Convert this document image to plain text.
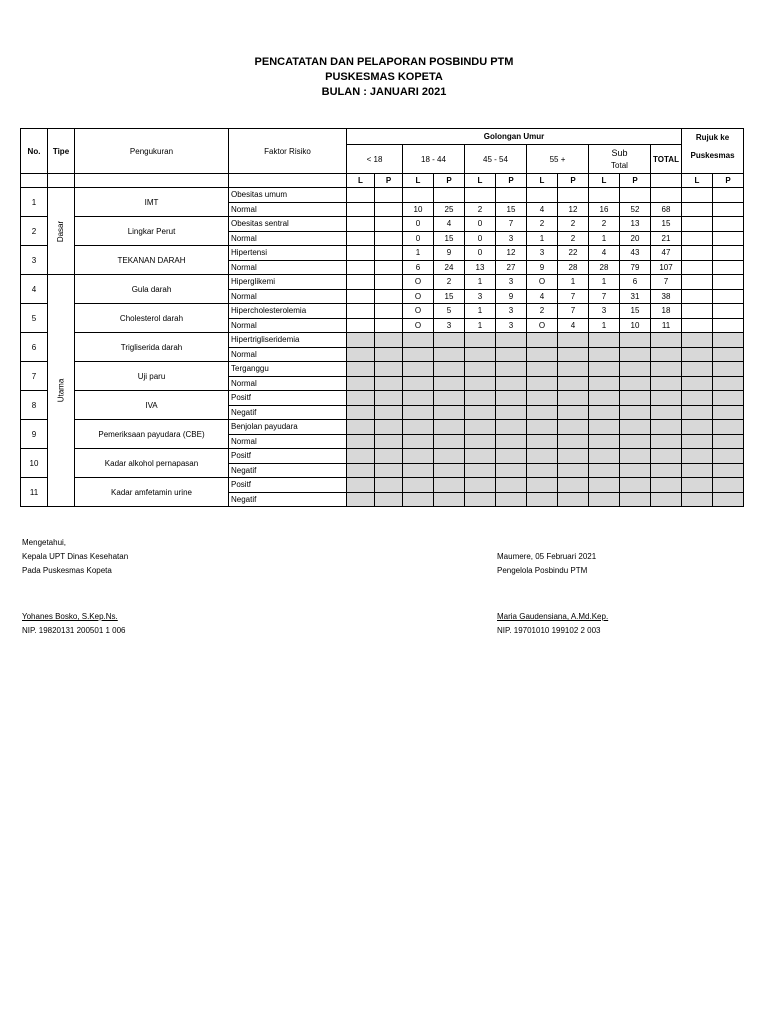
PENCATATAN DAN PELAPORAN POSBINDU PTM
PUSKESMAS KOPETA
BULAN : JANUARI 2021
No.	Tipe	Pengukuran	Faktor Risiko	Golongan Umur											Rujuk ke Puskesmas	
				< 18		18 - 44		45 - 54		55 +		Sub
Total		TOTAL		
				L	P	L	P	L	P	L	P	L	P		L	P
1	Dasar	IMT	Obesitas umum													
			Normal			10	25	2	15	4	12	16	52	68		
2		Lingkar Perut	Obesitas sentral			0	4	0	7	2	2	2	13	15		
			Normal			0	15	0	3	1	2	1	20	21		
3		TEKANAN DARAH	Hipertensi			1	9	0	12	3	22	4	43	47		
			Normal			6	24	13	27	9	28	28	79	107		
4	Utama	Gula darah	Hiperglikemi			O	2	1	3	O	1	1	6	7		
			Normal			O	15	3	9	4	7	7	31	38		
5		Cholesterol darah	Hipercholesterolemia			O	5	1	3	2	7	3	15	18		
			Normal			O	3	1	3	O	4	1	10	11		
6		Trigliserida darah	Hipertrigliseridemia													
			Normal													
7		Uji paru	Terganggu													
			Normal													
8		IVA	Positf													
			Negatif													
9		Pemeriksaan payudara (CBE)	Benjolan payudara													
			Normal													
10		Kadar alkohol pernapasan	Positf													
			Negatif													
11		Kadar amfetamin urine	Positf													
			Negatif													
Mengetahui,
Kepala UPT Dinas Kesehatan
Pada Puskesmas Kopeta
Yohanes Bosko, S.Kep.Ns.
NIP. 19820131 200501 1 006
Maumere, 05 Februari 2021
Pengelola Posbindu PTM
Maria Gaudensiana, A.Md.Kep.
NIP. 19701010 199102 2 003
